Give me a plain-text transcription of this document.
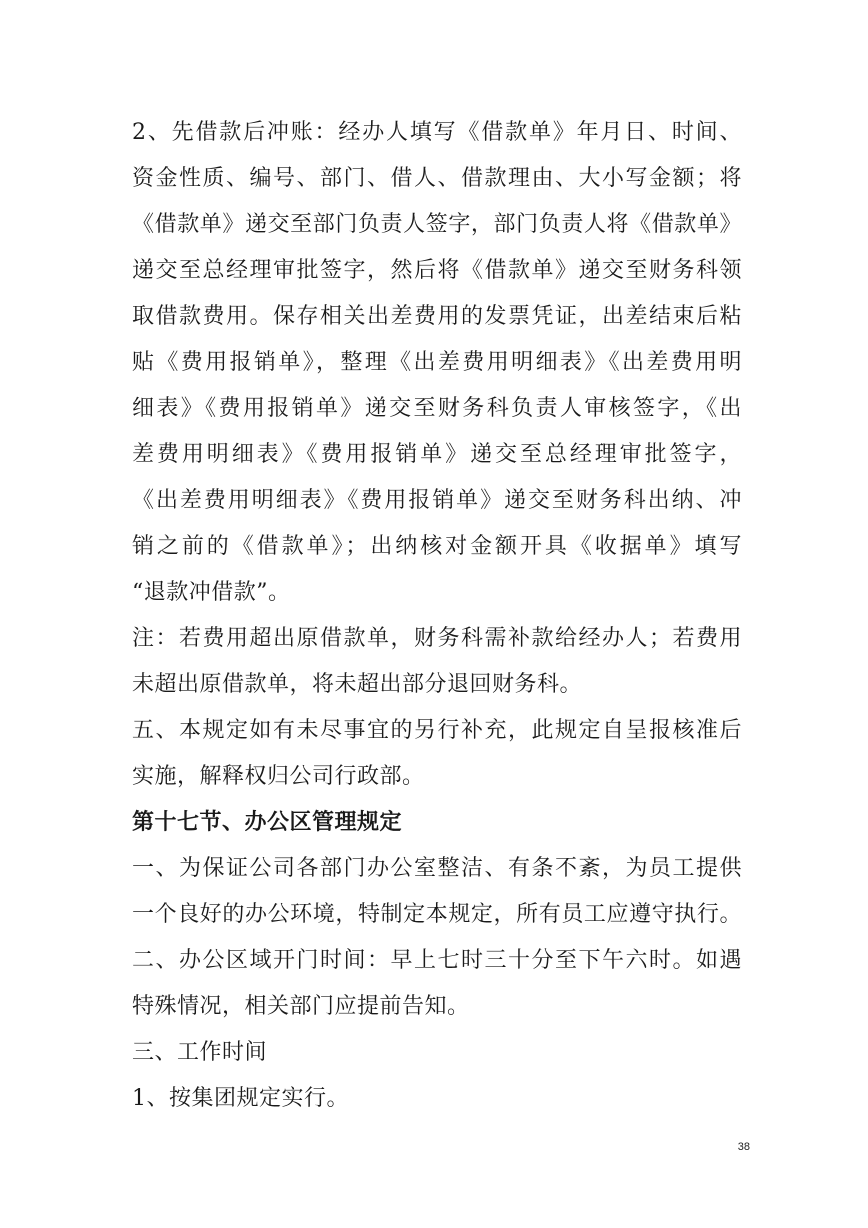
2、先借款后冲账：经办人填写《借款单》年月日、时间、
资金性质、编号、部门、借人、借款理由、大小写金额；将
《借款单》递交至部门负责人签字，部门负责人将《借款单》
递交至总经理审批签字，然后将《借款单》递交至财务科领
取借款费用。保存相关出差费用的发票凭证，出差结束后粘
贴《费用报销单》，整理《出差费用明细表》《出差费用明
细表》《费用报销单》递交至财务科负责人审核签字，《出
差费用明细表》《费用报销单》递交至总经理审批签字，
《出差费用明细表》《费用报销单》递交至财务科出纳、冲
销之前的《借款单》；出纳核对金额开具《收据单》填写
“退款冲借款”。
注：若费用超出原借款单，财务科需补款给经办人；若费用
未超出原借款单，将未超出部分退回财务科。
五、本规定如有未尽事宜的另行补充，此规定自呈报核准后
实施，解释权归公司行政部。
第十七节、办公区管理规定
一、为保证公司各部门办公室整洁、有条不紊，为员工提供
一个良好的办公环境，特制定本规定，所有员工应遵守执行。
二、办公区域开门时间：早上七时三十分至下午六时。如遇
特殊情况，相关部门应提前告知。
三、工作时间
1、按集团规定实行。
38
